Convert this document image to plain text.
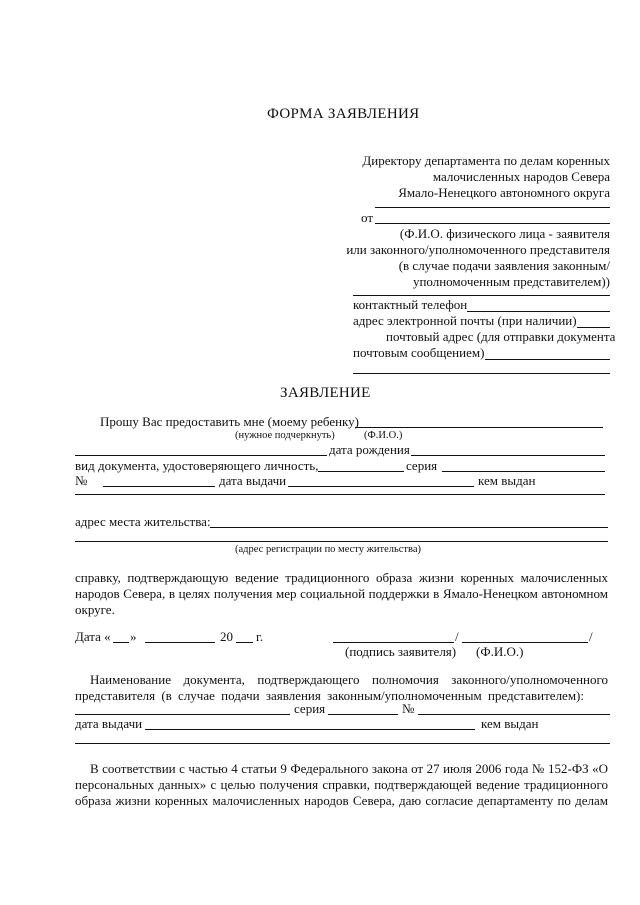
ФОРМА ЗАЯВЛЕНИЯ
Директору департамента по делам коренных
малочисленных народов Севера
Ямало-Ненецкого автономного округа
от
(Ф.И.О. физического лица - заявителя
или законного/уполномоченного представителя
(в случае подачи заявления законным/
уполномоченным представителем))
контактный телефон
адрес электронной почты (при наличии)
почтовый адрес (для отправки документа
почтовым сообщением)
ЗАЯВЛЕНИЕ
Прошу Вас предоставить мне (моему ребенку)
(нужное подчеркнуть)	(Ф.И.О.)
дата рождения
вид документа, удостоверяющего личность,	серия
№	дата выдачи	кем выдан
адрес места жительства:
(адрес регистрации по месту жительства)
справку, подтверждающую ведение традиционного образа жизни коренных малочисленных
народов Севера, в целях получения мер социальной поддержки в Ямало-Ненецком автономном
округе.
Дата « »	20 г.	/	/
(подпись заявителя) (Ф.И.О.)
Наименование документа, подтверждающего полномочия законного/уполномоченного
представителя (в случае подачи заявления законным/уполномоченным представителем):
серия	№
дата выдачи	кем выдан
В соответствии с частью 4 статьи 9 Федерального закона от 27 июля 2006 года № 152-ФЗ «О
персональных данных» с целью получения справки, подтверждающей ведение традиционного
образа жизни коренных малочисленных народов Севера, даю согласие департаменту по делам
